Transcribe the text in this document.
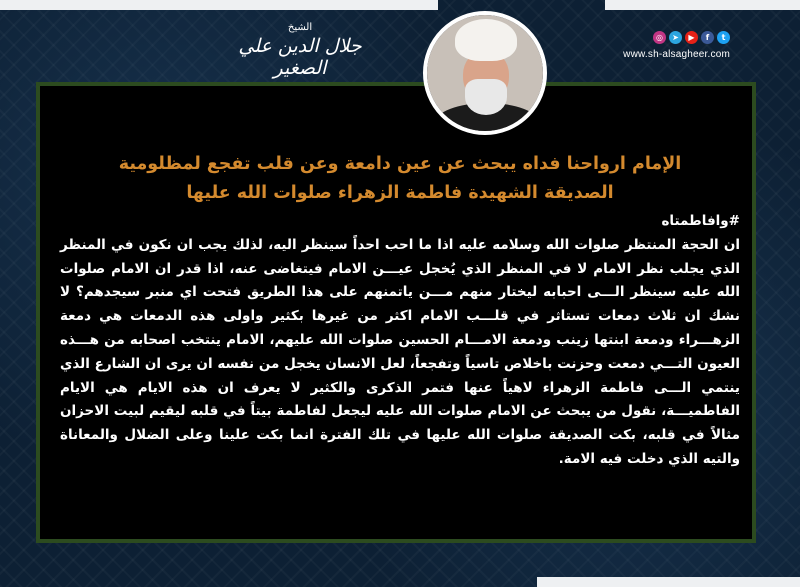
الشيخ
جلال الدين علي الصغير
◎	➤	▶	f	t
www.sh-alsagheer.com
الإمام ارواحنا فداه يبحث عن عين دامعة وعن قلب تفجع لمظلومية
الصديقة الشهيدة فاطمة الزهراء صلوات الله عليها
#وافاطمتاه
ان الحجة المنتظر صلوات الله وسلامه عليه اذا ما احب احداً سينظر اليه، لذلك يجب ان نكون في المنظر الذي يجلب نظر الامام لا في المنظر الذي يُخجل عيـــن الامام فيتغاضى عنه، اذا قدر ان الامام صلوات الله عليه سينظر الـــى احبابه ليختار منهم مـــن ياتمنهم على هذا الطريق فتحت اي منبر سيجدهم؟ لا نشك ان ثلاث دمعات تستاثر في قلـــب الامام اكثر من غيرها بكثير واولى هذه الدمعات هي دمعة الزهـــراء ودمعة ابنتها زينب ودمعة الامـــام الحسين صلوات الله عليهم، الامام ينتخب اصحابه من هـــذه العيون التـــي دمعت وحزنت باخلاص تاسياً وتفجعاً، لعل الانسان يخجل من نفسه ان يرى ان الشارع الذي ينتمي الـــى فاطمة الزهراء لاهياً عنها فتمر الذكرى والكثير لا يعرف ان هذه الايام هي الايام الفاطميـــة، نقول من يبحث عن الامام صلوات الله عليه ليجعل لفاطمة بيتاً في قلبه ليقيم لبيت الاحزان مثالاً في قلبه، بكت الصديقة صلوات الله عليها في تلك الفترة انما بكت علينا وعلى الضلال والمعاناة والتيه الذي دخلت فيه الامة.
